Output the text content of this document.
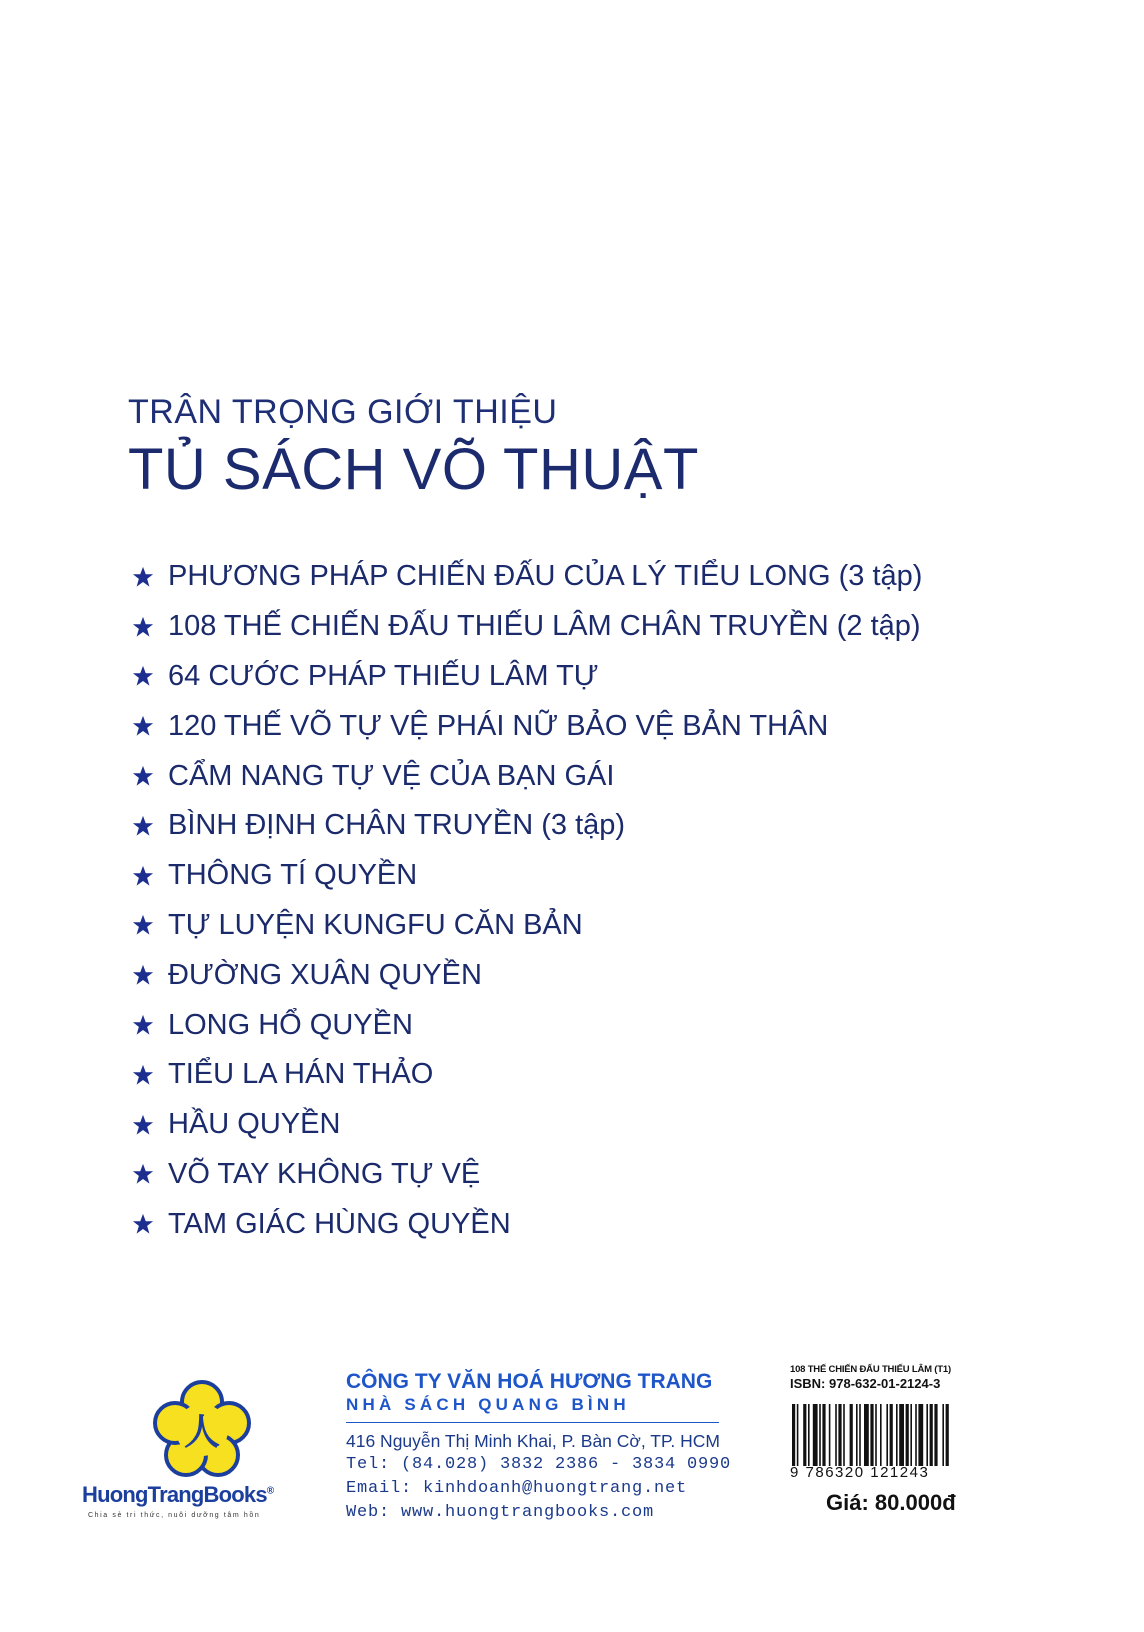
TRÂN TRỌNG GIỚI THIỆU
TỦ SÁCH VÕ THUẬT
PHƯƠNG PHÁP CHIẾN ĐẤU CỦA LÝ TIỂU LONG (3 tập)
108 THẾ CHIẾN ĐẤU THIẾU LÂM CHÂN TRUYỀN (2 tập)
64 CƯỚC PHÁP THIẾU LÂM TỰ
120 THẾ VÕ TỰ VỆ PHÁI NỮ BẢO VỆ BẢN THÂN
CẨM NANG TỰ VỆ CỦA BẠN GÁI
BÌNH ĐỊNH CHÂN TRUYỀN (3 tập)
THÔNG TÍ QUYỀN
TỰ LUYỆN KUNGFU CĂN BẢN
ĐƯỜNG XUÂN QUYỀN
LONG HỔ QUYỀN
TIỂU LA HÁN THẢO
HẦU QUYỀN
VÕ TAY KHÔNG TỰ VỆ
TAM GIÁC HÙNG QUYỀN
人
HuongTrangBooks®
Chia sẻ tri thức, nuôi dưỡng tâm hồn
CÔNG TY VĂN HOÁ HƯƠNG TRANG
NHÀ SÁCH QUANG BÌNH
416 Nguyễn Thị Minh Khai, P. Bàn Cờ, TP. HCM
Tel: (84.028) 3832 2386 - 3834 0990
Email: kinhdoanh@huongtrang.net
Web: www.huongtrangbooks.com
108 THẾ CHIẾN ĐẤU THIẾU LÂM (T1)
ISBN: 978-632-01-2124-3
9 786320 121243
Giá: 80.000đ
